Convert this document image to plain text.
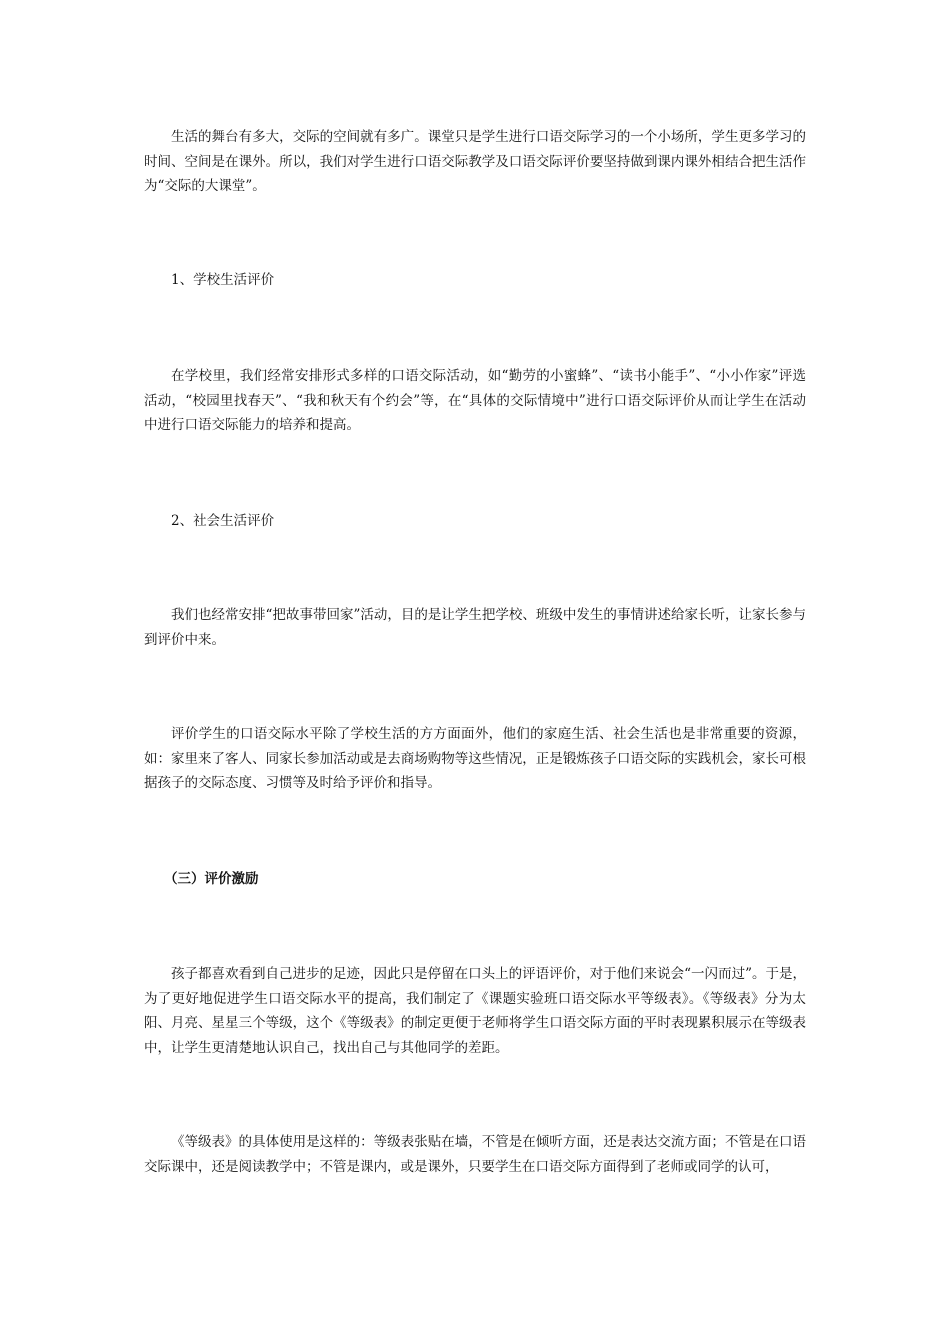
生活的舞台有多大，交际的空间就有多广。课堂只是学生进行口语交际学习的一个小场所，学生更多学习的时间、空间是在课外。所以，我们对学生进行口语交际教学及口语交际评价要坚持做到课内课外相结合把生活作为“交际的大课堂”。

1、学校生活评价

在学校里，我们经常安排形式多样的口语交际活动，如“勤劳的小蜜蜂”、“读书小能手”、“小小作家”评选活动，“校园里找春天”、“我和秋天有个约会”等，在“具体的交际情境中”进行口语交际评价从而让学生在活动中进行口语交际能力的培养和提高。

2、社会生活评价

我们也经常安排“把故事带回家”活动，目的是让学生把学校、班级中发生的事情讲述给家长听，让家长参与到评价中来。

评价学生的口语交际水平除了学校生活的方方面面外，他们的家庭生活、社会生活也是非常重要的资源，如：家里来了客人、同家长参加活动或是去商场购物等这些情况，正是锻炼孩子口语交际的实践机会，家长可根据孩子的交际态度、习惯等及时给予评价和指导。

（三）评价激励

孩子都喜欢看到自己进步的足迹，因此只是停留在口头上的评语评价，对于他们来说会“一闪而过”。于是，为了更好地促进学生口语交际水平的提高，我们制定了《课题实验班口语交际水平等级表》。《等级表》分为太阳、月亮、星星三个等级，这个《等级表》的制定更便于老师将学生口语交际方面的平时表现累积展示在等级表中，让学生更清楚地认识自己，找出自己与其他同学的差距。

《等级表》的具体使用是这样的：等级表张贴在墙，不管是在倾听方面，还是表达交流方面；不管是在口语交际课中，还是阅读教学中；不管是课内，或是课外，只要学生在口语交际方面得到了老师或同学的认可，
